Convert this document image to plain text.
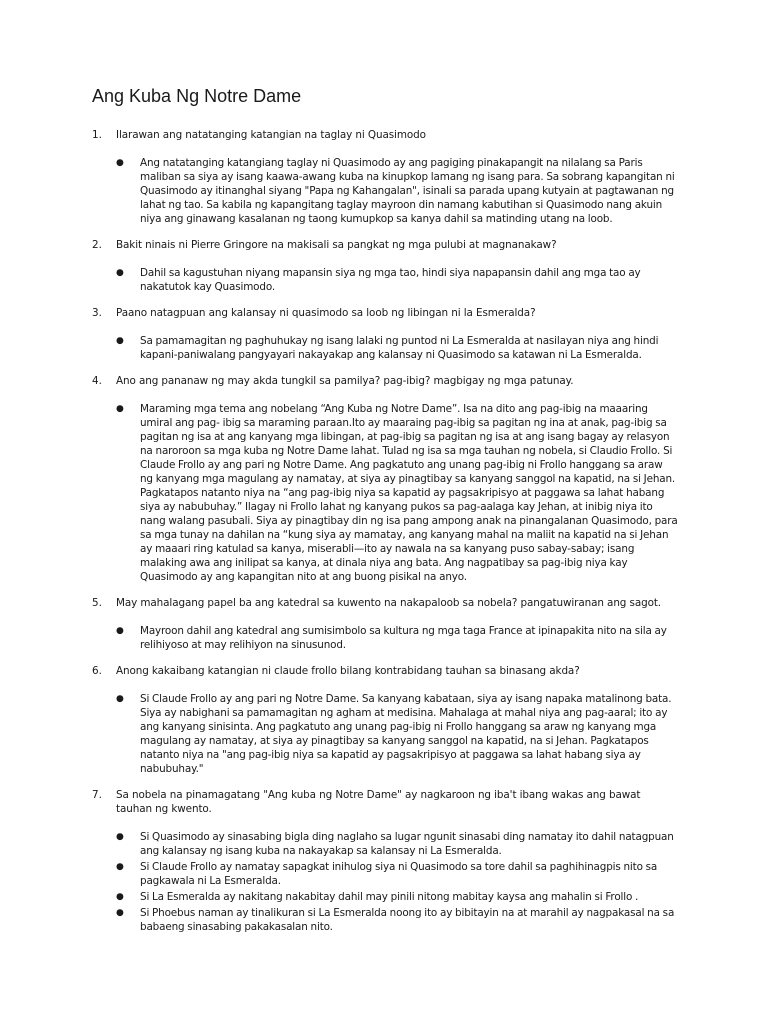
Ang Kuba Ng Notre Dame
1. Ilarawan ang natatanging katangian na taglay ni Quasimodo
● Ang natatanging katangiang taglay ni Quasimodo ay ang pagiging pinakapangit na nilalang sa Paris maliban sa siya ay isang kaawa-awang kuba na kinupkop lamang ng isang para. Sa sobrang kapangitan ni Quasimodo ay itinanghal siyang "Papa ng Kahangalan", isinali sa parada upang kutyain at pagtawanan ng lahat ng tao. Sa kabila ng kapangitang taglay mayroon din namang kabutihan si Quasimodo nang akuin niya ang ginawang kasalanan ng taong kumupkop sa kanya dahil sa matinding utang na loob.
2. Bakit ninais ni Pierre Gringore na makisali sa pangkat ng mga pulubi at magnanakaw?
● Dahil sa kagustuhan niyang mapansin siya ng mga tao, hindi siya napapansin dahil ang mga tao ay nakatutok kay Quasimodo.
3. Paano natagpuan ang kalansay ni quasimodo sa loob ng libingan ni la Esmeralda?
● Sa pamamagitan ng paghuhukay ng isang lalaki ng puntod ni La Esmeralda at nasilayan niya ang hindi kapani-paniwalang pangyayari nakayakap ang kalansay ni Quasimodo sa katawan ni La Esmeralda.
4. Ano ang pananaw ng may akda tungkil sa pamilya? pag-ibig? magbigay ng mga patunay.
● Maraming mga tema ang nobelang “Ang Kuba ng Notre Dame”. Isa na dito ang pag-ibig na maaaring umiral ang pag- ibig sa maraming paraan.Ito ay maaraing pag-ibig sa pagitan ng ina at anak, pag-ibig sa pagitan ng isa at ang kanyang mga libingan, at pag-ibig sa pagitan ng isa at ang isang bagay ay relasyon na naroroon sa mga kuba ng Notre Dame lahat. Tulad ng isa sa mga tauhan ng nobela, si Claudio Frollo. Si Claude Frollo ay ang pari ng Notre Dame. Ang pagkatuto ang unang pag-ibig ni Frollo hanggang sa araw ng kanyang mga magulang ay namatay, at siya ay pinagtibay sa kanyang sanggol na kapatid, na si Jehan. Pagkatapos natanto niya na “ang pag-ibig niya sa kapatid ay pagsakripisyo at paggawa sa lahat habang siya ay nabubuhay.” Ilagay ni Frollo lahat ng kanyang pukos sa pag-aalaga kay Jehan, at inibig niya ito nang walang pasubali. Siya ay pinagtibay din ng isa pang ampong anak na pinangalanan Quasimodo, para sa mga tunay na dahilan na “kung siya ay mamatay, ang kanyang mahal na maliit na kapatid na si Jehan ay maaari ring katulad sa kanya, miserabli—ito ay nawala na sa kanyang puso sabay-sabay; isang malaking awa ang inilipat sa kanya, at dinala niya ang bata. Ang nagpatibay sa pag-ibig niya kay Quasimodo ay ang kapangitan nito at ang buong pisikal na anyo.
5. May mahalagang papel ba ang katedral sa kuwento na nakapaloob sa nobela? pangatuwiranan ang sagot.
● Mayroon dahil ang katedral ang sumisimbolo sa kultura ng mga taga France at ipinapakita nito na sila ay relihiyoso at may relihiyon na sinusunod.
6. Anong kakaibang katangian ni claude frollo bilang kontrabidang tauhan sa binasang akda?
● Si Claude Frollo ay ang pari ng Notre Dame. Sa kanyang kabataan, siya ay isang napaka matalinong bata. Siya ay nabighani sa pamamagitan ng agham at medisina. Mahalaga at mahal niya ang pag-aaral; ito ay ang kanyang sinisinta. Ang pagkatuto ang unang pag-ibig ni Frollo hanggang sa araw ng kanyang mga magulang ay namatay, at siya ay pinagtibay sa kanyang sanggol na kapatid, na si Jehan. Pagkatapos natanto niya na "ang pag-ibig niya sa kapatid ay pagsakripisyo at paggawa sa lahat habang siya ay nabubuhay."
7. Sa nobela na pinamagatang "Ang kuba ng Notre Dame" ay nagkaroon ng iba't ibang wakas ang bawat tauhan ng kwento.
● Si Quasimodo ay sinasabing bigla ding naglaho sa lugar ngunit sinasabi ding namatay ito dahil natagpuan ang kalansay ng isang kuba na nakayakap sa kalansay ni La Esmeralda.
● Si Claude Frollo ay namatay sapagkat inihulog siya ni Quasimodo sa tore dahil sa paghihinagpis nito sa pagkawala ni La Esmeralda.
● Si La Esmeralda ay nakitang nakabitay dahil may pinili nitong mabitay kaysa ang mahalin si Frollo .
● Si Phoebus naman ay tinalikuran si La Esmeralda noong ito ay bibitayin na at marahil ay nagpakasal na sa babaeng sinasabing pakakasalan nito.
